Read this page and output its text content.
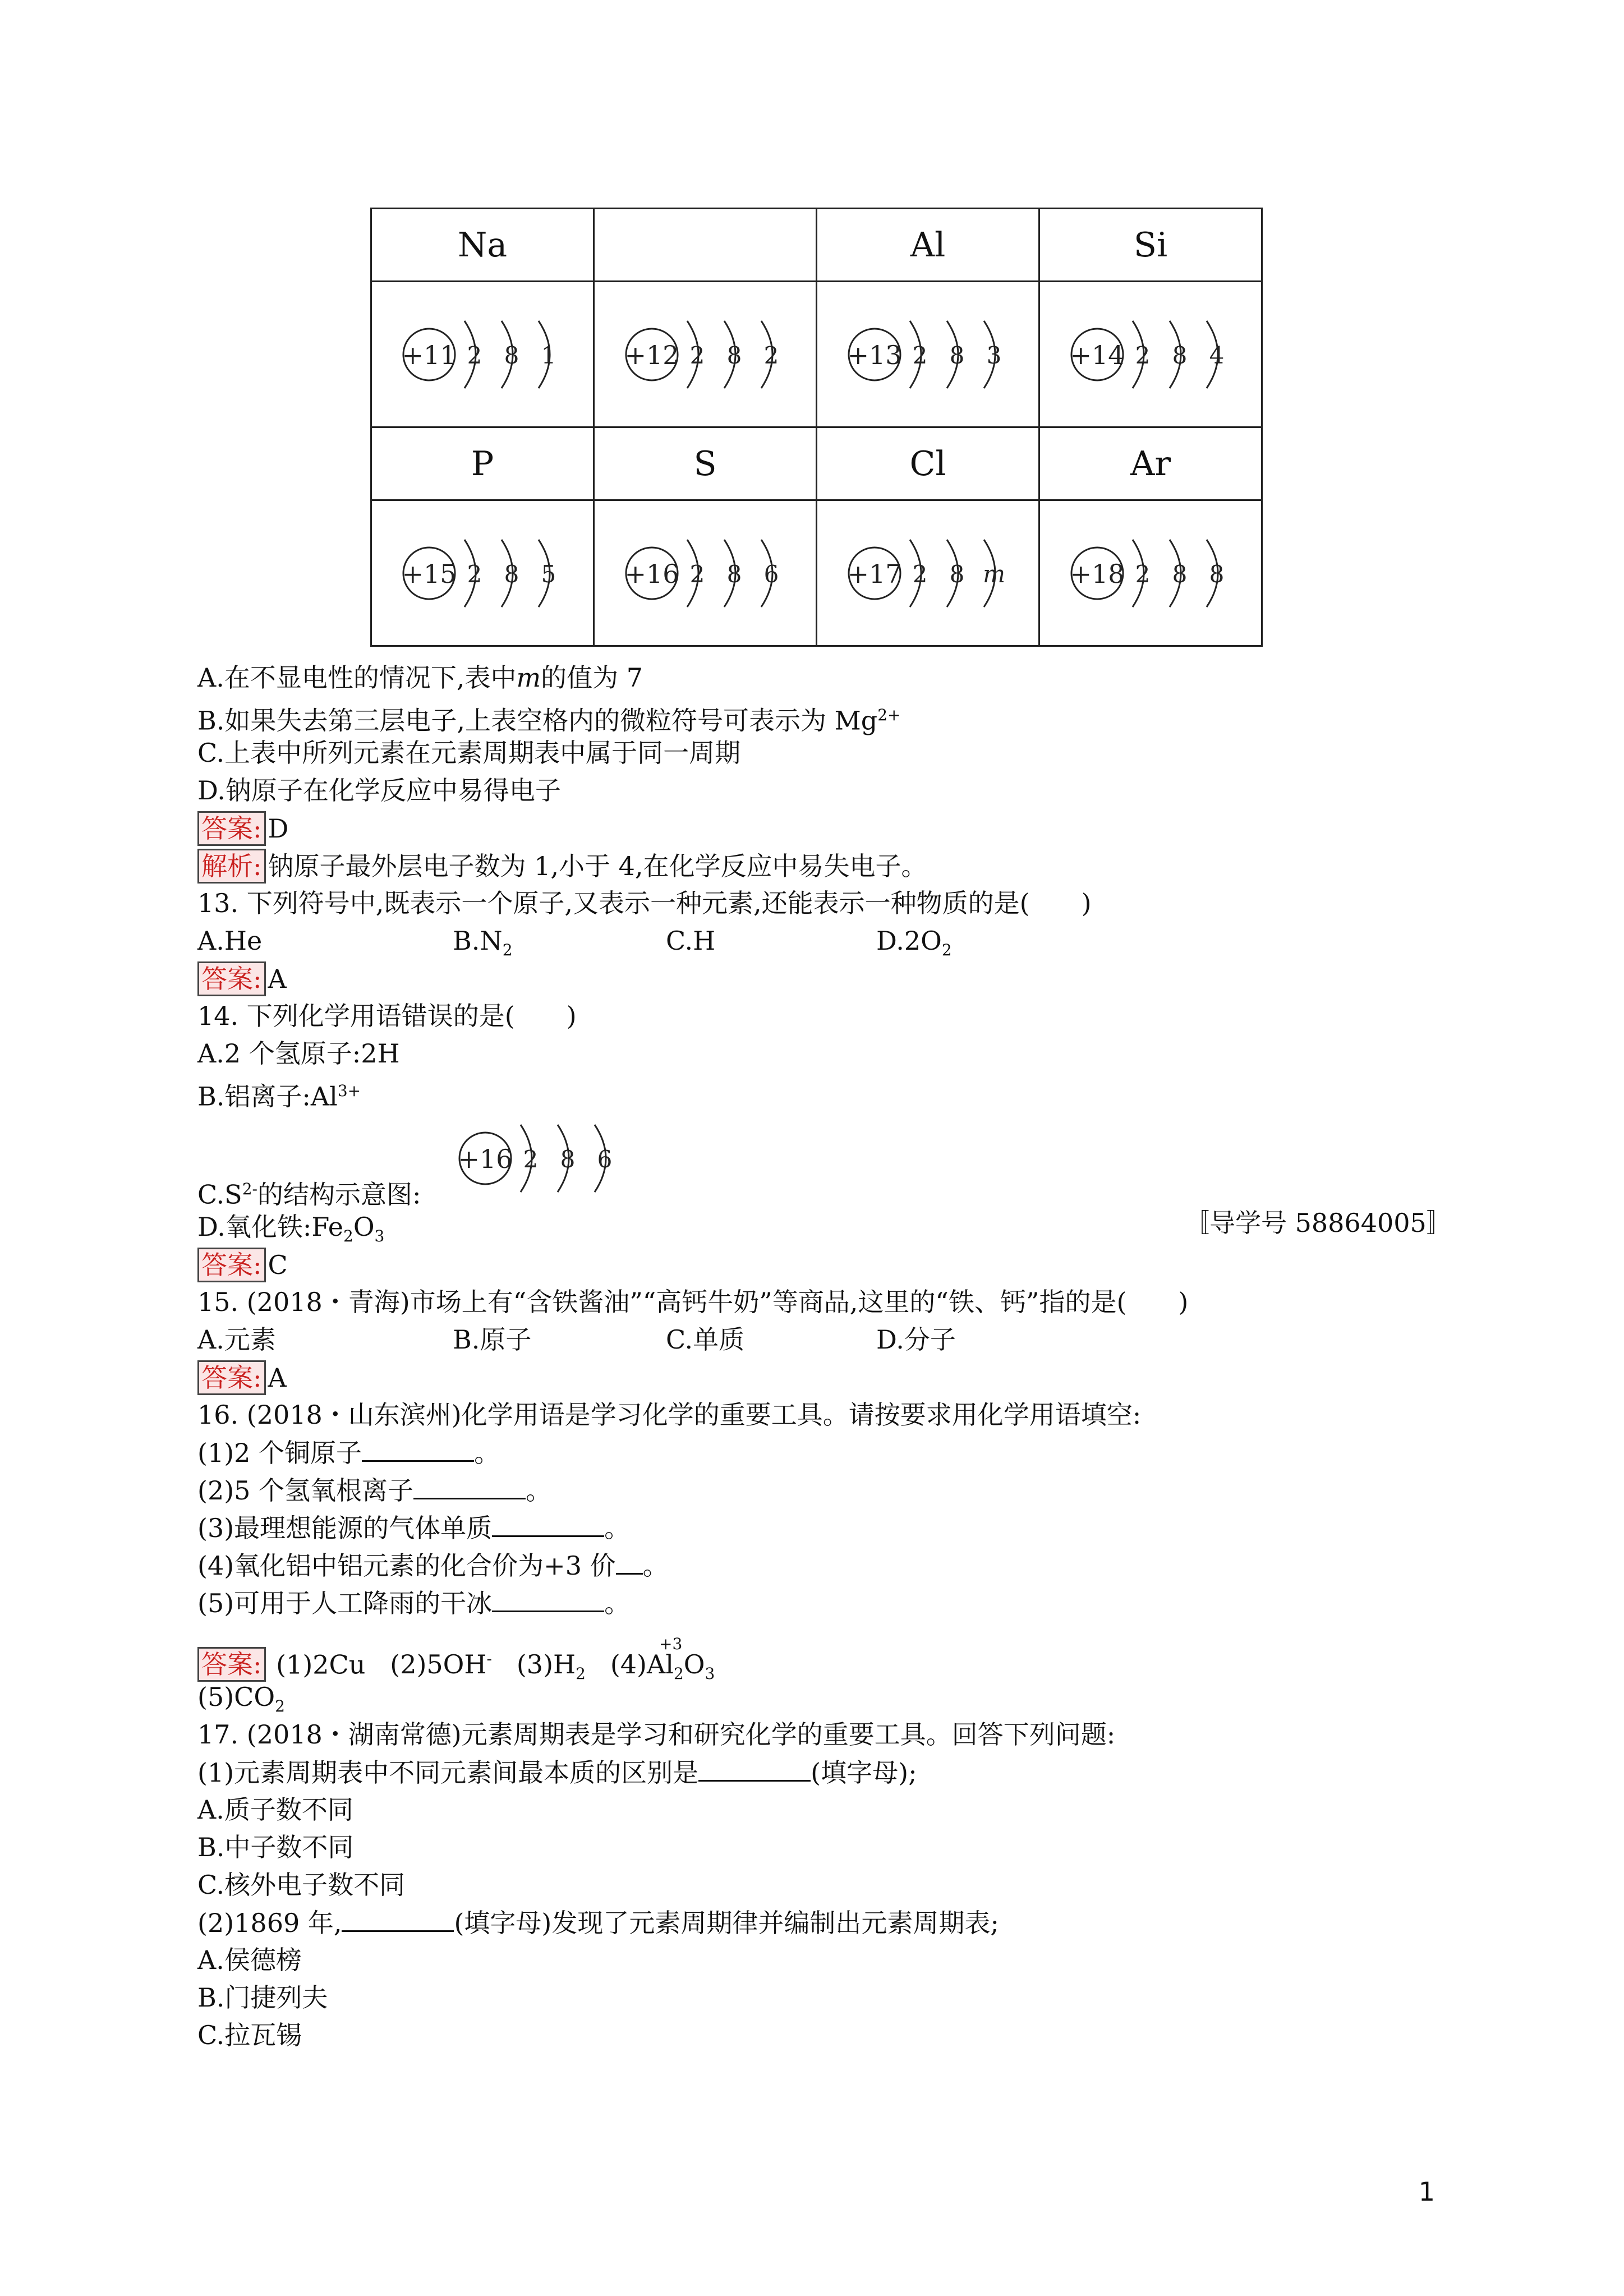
Na		Al	Si

+11 2 8 1	+12 2 8 2	+13 2 8 3	+14 2 8 4

P	S	Cl	Ar

+15 2 8 5	+16 2 8 6	+17 2 8 m	+18 2 8 8
A.在不显电性的情况下,表中m的值为 7
B.如果失去第三层电子,上表空格内的微粒符号可表示为 $Mg^{2+}$
C.上表中所列元素在元素周期表中属于同一周期
D.钠原子在化学反应中易得电子
答案: D
解析: 钠原子最外层电子数为 1,小于 4,在化学反应中易失电子。
13. 下列符号中,既表示一个原子,又表示一种元素,还能表示一种物质的是(　　)
A.He	$B.N_2$	C.H	$D.2O_2$
答案: A
14. 下列化学用语错误的是(　　)
A.2 个氢原子:2H
B.铝离子$:Al^{3+}$
+16 2 8 6
$C.S^{2-}$的结构示意图:
D.氧化铁$:Fe_2O_3$	〚导学号 58864005〛
答案: C
15. (2018・青海)市场上有“含铁酱油”“高钙牛奶”等商品,这里的“铁、钙”指的是(　　)
A.元素	B.原子	C.单质	D.分子
答案: A
16. (2018・山东滨州)化学用语是学习化学的重要工具。请按要求用化学用语填空:
(1)2 个铜原子	。
(2)5 个氢氧根离子	。
(3)最理想能源的气体单质	。
(4)氧化铝中铝元素的化合价为+3 价 。
(5)可用于人工降雨的干冰	。
答案: (1)2Cu (2)5OH- $(3)H_2$ (4)
+3
$Al_2O_3$
$(5)CO_2$
17. (2018・湖南常德)元素周期表是学习和研究化学的重要工具。回答下列问题:
(1)元素周期表中不同元素间最本质的区别是	(填字母);
A.质子数不同
B.中子数不同
C.核外电子数不同
(2)1869 年,	(填字母)发现了元素周期律并编制出元素周期表;
A.侯德榜
B.门捷列夫
C.拉瓦锡
1
